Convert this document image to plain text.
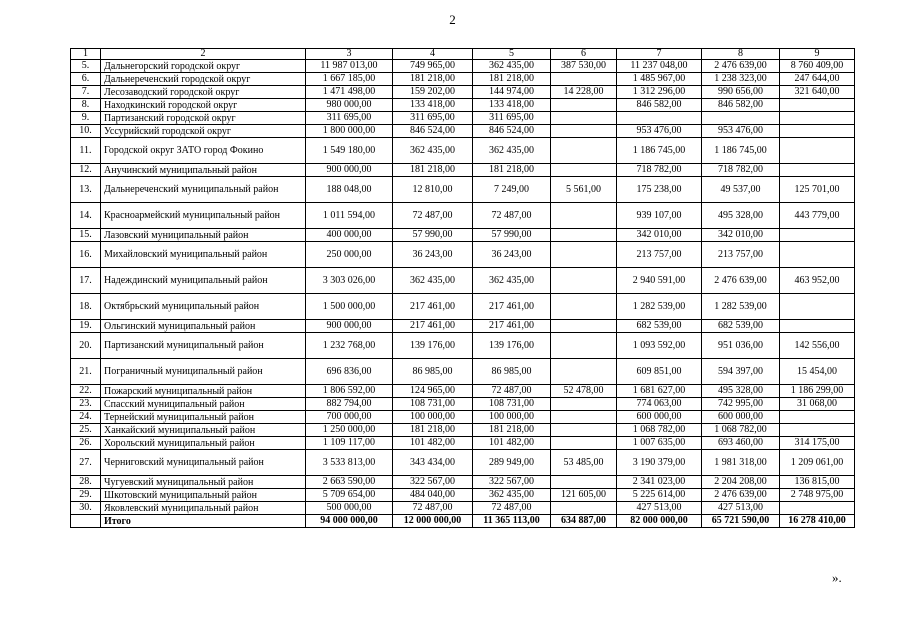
2
1	2	3	4	5	6	7	8	9
5.	Дальнегорский городской округ	11 987 013,00	749 965,00	362 435,00	387 530,00	11 237 048,00	2 476 639,00	8 760 409,00
6.	Дальнереченский городской округ	1 667 185,00	181 218,00	181 218,00		1 485 967,00	1 238 323,00	247 644,00
7.	Лесозаводский городской округ	1 471 498,00	159 202,00	144 974,00	14 228,00	1 312 296,00	990 656,00	321 640,00
8.	Находкинский городской округ	980 000,00	133 418,00	133 418,00		846 582,00	846 582,00	
9.	Партизанский городской округ	311 695,00	311 695,00	311 695,00				
10.	Уссурийский городской округ	1 800 000,00	846 524,00	846 524,00		953 476,00	953 476,00	
11.	Городской округ ЗАТО город Фокино	1 549 180,00	362 435,00	362 435,00		1 186 745,00	1 186 745,00	
12.	Анучинский муниципальный район	900 000,00	181 218,00	181 218,00		718 782,00	718 782,00	
13.	Дальнереченский муниципальный район	188 048,00	12 810,00	7 249,00	5 561,00	175 238,00	49 537,00	125 701,00
14.	Красноармейский муниципальный район	1 011 594,00	72 487,00	72 487,00		939 107,00	495 328,00	443 779,00
15.	Лазовский муниципальный район	400 000,00	57 990,00	57 990,00		342 010,00	342 010,00	
16.	Михайловский муниципальный район	250 000,00	36 243,00	36 243,00		213 757,00	213 757,00	
17.	Надеждинский муниципальный район	3 303 026,00	362 435,00	362 435,00		2 940 591,00	2 476 639,00	463 952,00
18.	Октябрьский муниципальный район	1 500 000,00	217 461,00	217 461,00		1 282 539,00	1 282 539,00	
19.	Ольгинский муниципальный район	900 000,00	217 461,00	217 461,00		682 539,00	682 539,00	
20.	Партизанский муниципальный район	1 232 768,00	139 176,00	139 176,00		1 093 592,00	951 036,00	142 556,00
21.	Пограничный муниципальный район	696 836,00	86 985,00	86 985,00		609 851,00	594 397,00	15 454,00
22.	Пожарский муниципальный район	1 806 592,00	124 965,00	72 487,00	52 478,00	1 681 627,00	495 328,00	1 186 299,00
23.	Спасский муниципальный район	882 794,00	108 731,00	108 731,00		774 063,00	742 995,00	31 068,00
24.	Тернейский муниципальный район	700 000,00	100 000,00	100 000,00		600 000,00	600 000,00	
25.	Ханкайский муниципальный район	1 250 000,00	181 218,00	181 218,00		1 068 782,00	1 068 782,00	
26.	Хорольский муниципальный район	1 109 117,00	101 482,00	101 482,00		1 007 635,00	693 460,00	314 175,00
27.	Черниговский муниципальный район	3 533 813,00	343 434,00	289 949,00	53 485,00	3 190 379,00	1 981 318,00	1 209 061,00
28.	Чугуевский муниципальный район	2 663 590,00	322 567,00	322 567,00		2 341 023,00	2 204 208,00	136 815,00
29.	Шкотовский муниципальный район	5 709 654,00	484 040,00	362 435,00	121 605,00	5 225 614,00	2 476 639,00	2 748 975,00
30.	Яковлевский муниципальный район	500 000,00	72 487,00	72 487,00		427 513,00	427 513,00	
	Итого	94 000 000,00	12 000 000,00	11 365 113,00	634 887,00	82 000 000,00	65 721 590,00	16 278 410,00
».
